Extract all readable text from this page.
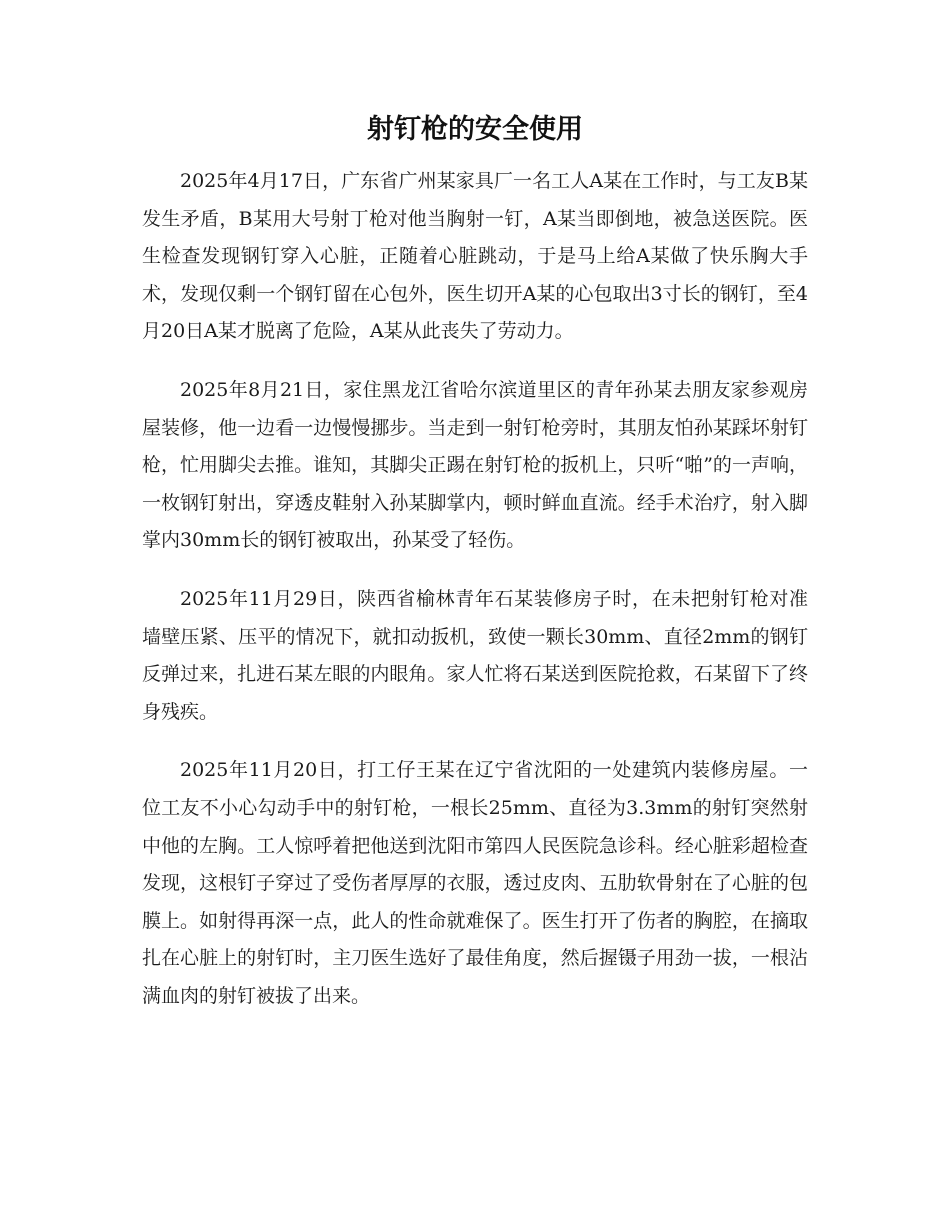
射钉枪的安全使用

2025年4月17日，广东省广州某家具厂一名工人A某在工作时，与工友B某发生矛盾，B某用大号射丁枪对他当胸射一钉，A某当即倒地，被急送医院。医生检查发现钢钉穿入心脏，正随着心脏跳动，于是马上给A某做了快乐胸大手术，发现仅剩一个钢钉留在心包外，医生切开A某的心包取出3寸长的钢钉，至4月20日A某才脱离了危险，A某从此丧失了劳动力。

2025年8月21日，家住黑龙江省哈尔滨道里区的青年孙某去朋友家参观房屋装修，他一边看一边慢慢挪步。当走到一射钉枪旁时，其朋友怕孙某踩坏射钉枪，忙用脚尖去推。谁知，其脚尖正踢在射钉枪的扳机上，只听“啪”的一声响，一枚钢钉射出，穿透皮鞋射入孙某脚掌内，顿时鲜血直流。经手术治疗，射入脚掌内30mm长的钢钉被取出，孙某受了轻伤。

2025年11月29日，陕西省榆林青年石某装修房子时，在未把射钉枪对准墙壁压紧、压平的情况下，就扣动扳机，致使一颗长30mm、直径2mm的钢钉反弹过来，扎进石某左眼的内眼角。家人忙将石某送到医院抢救，石某留下了终身残疾。

2025年11月20日，打工仔王某在辽宁省沈阳的一处建筑内装修房屋。一位工友不小心勾动手中的射钉枪，一根长25mm、直径为3.3mm的射钉突然射中他的左胸。工人惊呼着把他送到沈阳市第四人民医院急诊科。经心脏彩超检查发现，这根钉子穿过了受伤者厚厚的衣服，透过皮肉、五肋软骨射在了心脏的包膜上。如射得再深一点，此人的性命就难保了。医生打开了伤者的胸腔，在摘取扎在心脏上的射钉时，主刀医生选好了最佳角度，然后握镊子用劲一拔，一根沾满血肉的射钉被拔了出来。
